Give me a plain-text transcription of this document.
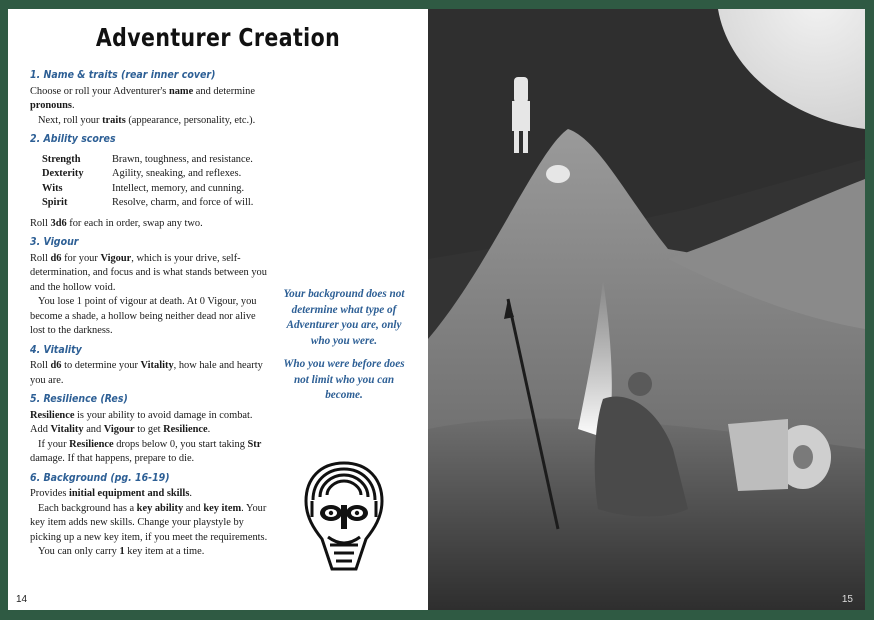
Adventurer Creation
1. Name & traits (rear inner cover)

Choose or roll your Adventurer's name and determine pronouns.

Next, roll your traits (appearance, personality, etc.).

2. Ability scores
Strength	Brawn, toughness, and resistance.
Dexterity	Agility, sneaking, and reflexes.
Wits	Intellect, memory, and cunning.
Spirit	Resolve, charm, and force of will.

Roll 3d6 for each in order, swap any two.

3. Vigour

Roll d6 for your Vigour, which is your drive, self-determination, and focus and is what stands between you and the hollow void.

You lose 1 point of vigour at death. At 0 Vigour, you become a shade, a hollow being neither dead nor alive lost to the darkness.

4. Vitality

Roll d6 to determine your Vitality, how hale and hearty you are.

5. Resilience (Res)

Resilience is your ability to avoid damage in combat. Add Vitality and Vigour to get Resilience.

If your Resilience drops below 0, you start taking Str damage. If that happens, prepare to die.

6. Background (pg. 16-19)

Provides initial equipment and skills.

Each background has a key ability and key item. Your key item adds new skills. Change your playstyle by picking up a new key item, if you meet the requirements.

You can only carry 1 key item at a time.

Your background does not determine what type of Adventurer you are, only who you were.

Who you were before does not limit who you can become.

14	15
